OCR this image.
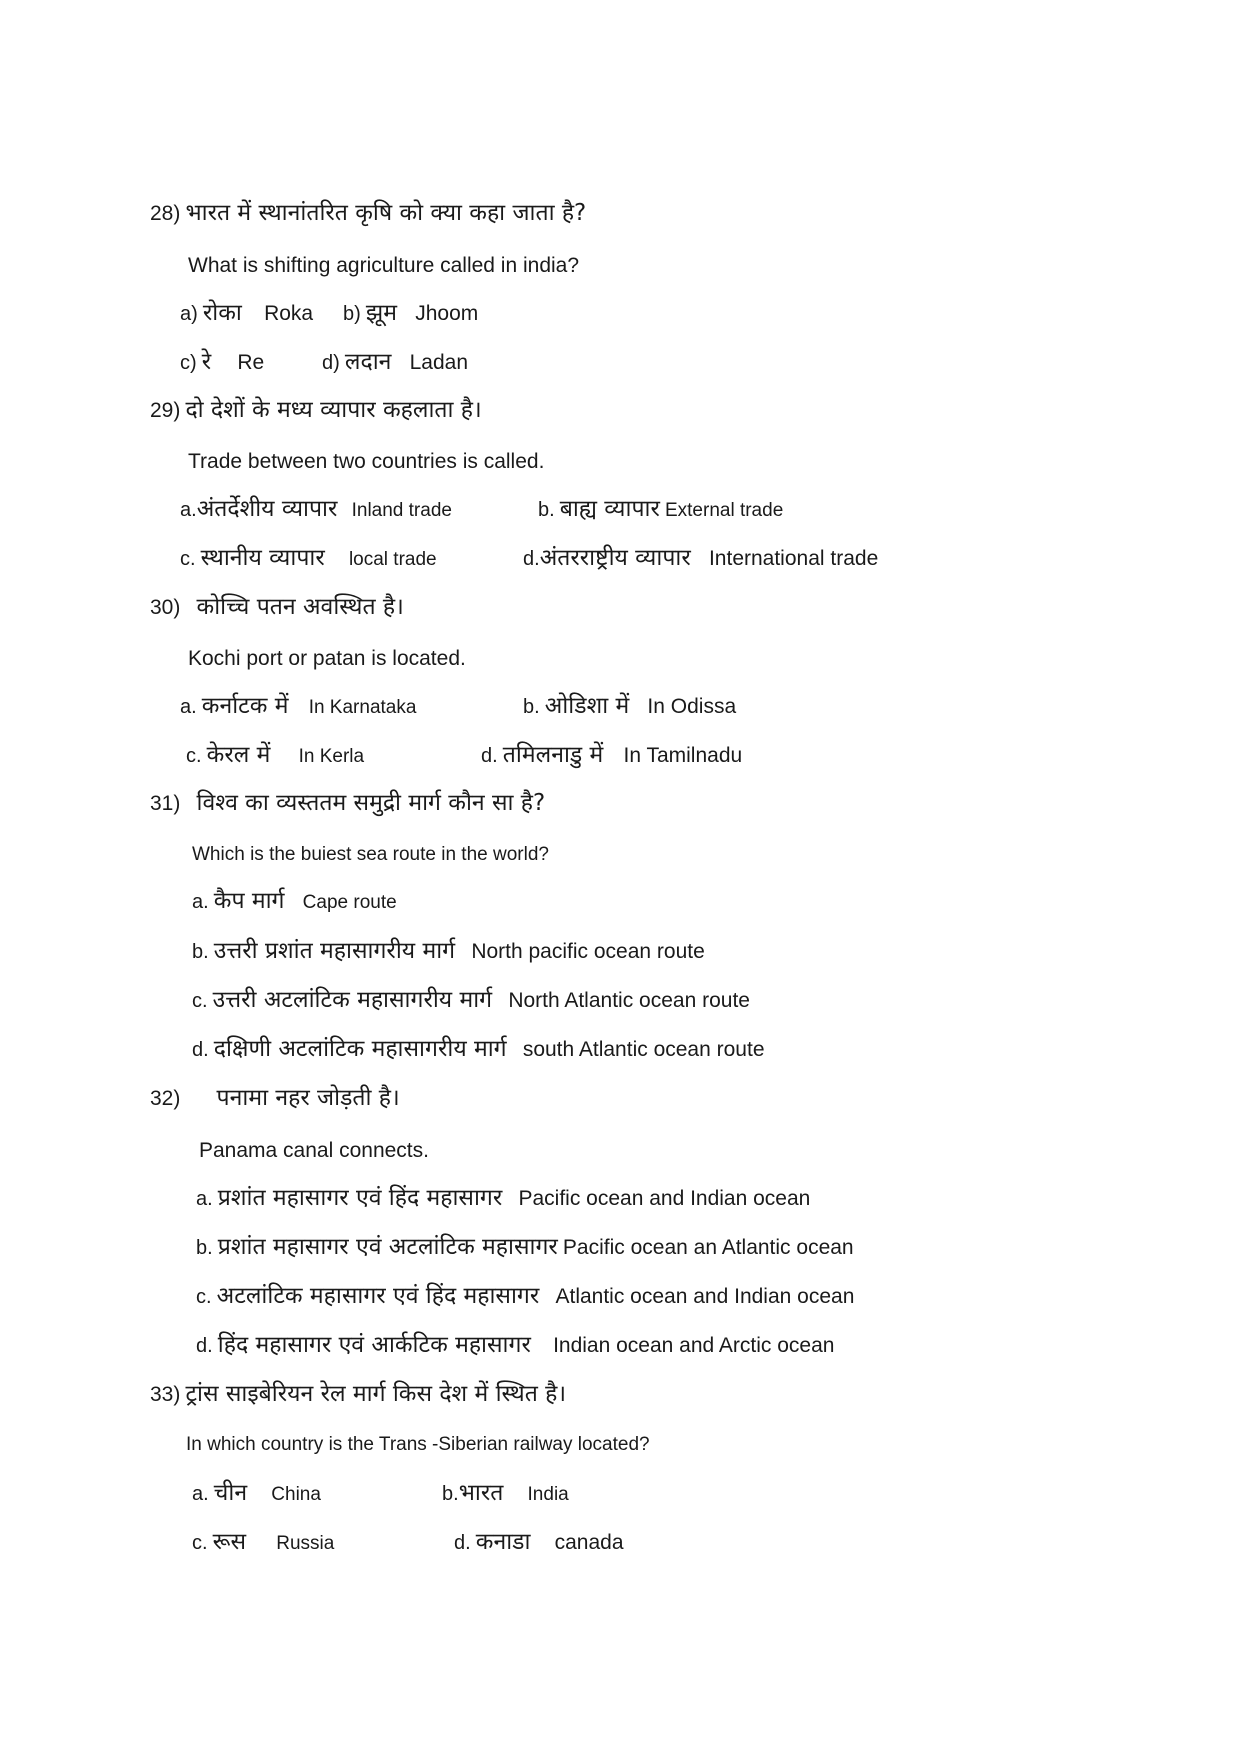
28) भारत में स्थानांतरित कृषि को क्या कहा जाता है?
What is shifting agriculture called in india?
a) रोका Roka b) झूम Jhoom
c) रे Re	d) लदान Ladan
29) दो देशों के मध्य व्यापार कहलाता है।
Trade between two countries is called.
a.अंतर्देशीय व्यापार Inland trade	b. बाह्य व्यापार External trade
c. स्थानीय व्यापार local trade	d.अंतरराष्ट्रीय व्यापार International trade
30) कोच्चि पतन अवस्थित है।
Kochi port or patan is located.
a. कर्नाटक में In Karnataka	b. ओडिशा में In Odissa
c. केरल में In Kerla	d. तमिलनाडु में In Tamilnadu
31) विश्व का व्यस्ततम समुद्री मार्ग कौन सा है?
Which is the buiest sea route in the world?
a. कैप मार्ग Cape route
b. उत्तरी प्रशांत महासागरीय मार्ग North pacific ocean route
c. उत्तरी अटलांटिक महासागरीय मार्ग North Atlantic ocean route
d. दक्षिणी अटलांटिक महासागरीय मार्ग south Atlantic ocean route
32) पनामा नहर जोड़ती है।
Panama canal connects.
a. प्रशांत महासागर एवं हिंद महासागर Pacific ocean and Indian ocean
b. प्रशांत महासागर एवं अटलांटिक महासागर Pacific ocean an Atlantic ocean
c. अटलांटिक महासागर एवं हिंद महासागर Atlantic ocean and Indian ocean
d. हिंद महासागर एवं आर्कटिक महासागर Indian ocean and Arctic ocean
33) ट्रांस साइबेरियन रेल मार्ग किस देश में स्थित है।
In which country is the Trans -Siberian railway located?
a. चीन China	b.भारत India
c. रूस Russia	d. कनाडा canada
